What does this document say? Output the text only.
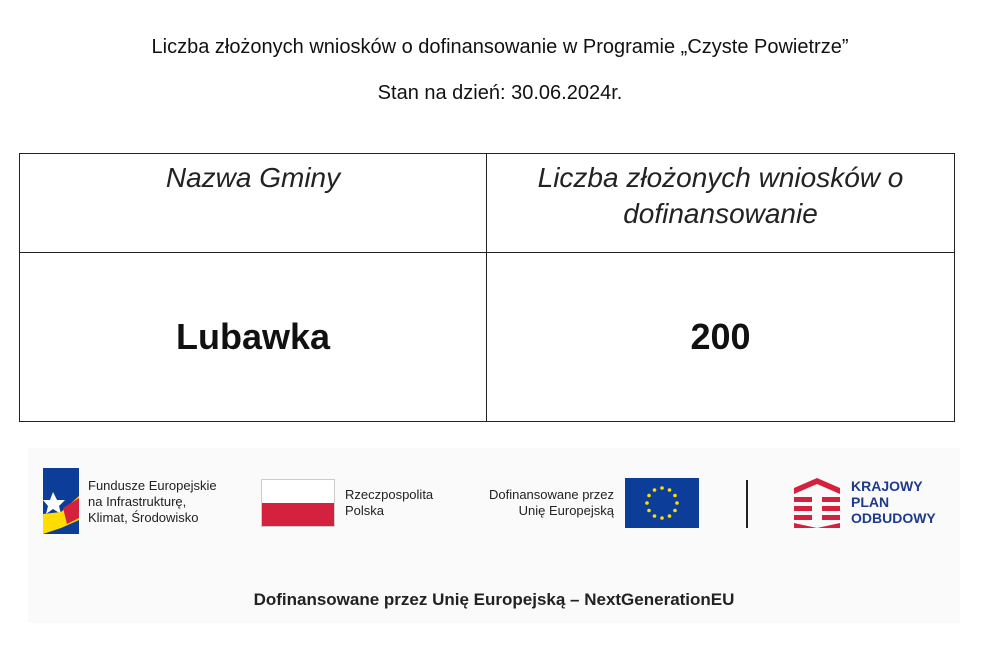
Liczba złożonych wniosków o dofinansowanie w Programie „Czyste Powietrze”
Stan na dzień: 30.06.2024r.
Nazwa Gminy	Liczba złożonych wniosków o dofinansowanie
Lubawka	200
Fundusze Europejskie
na Infrastrukturę,
Klimat, Środowisko
Rzeczpospolita
Polska
Dofinansowane przez
Unię Europejską
KRAJOWY
PLAN
ODBUDOWY
Dofinansowane przez Unię Europejską – NextGenerationEU
